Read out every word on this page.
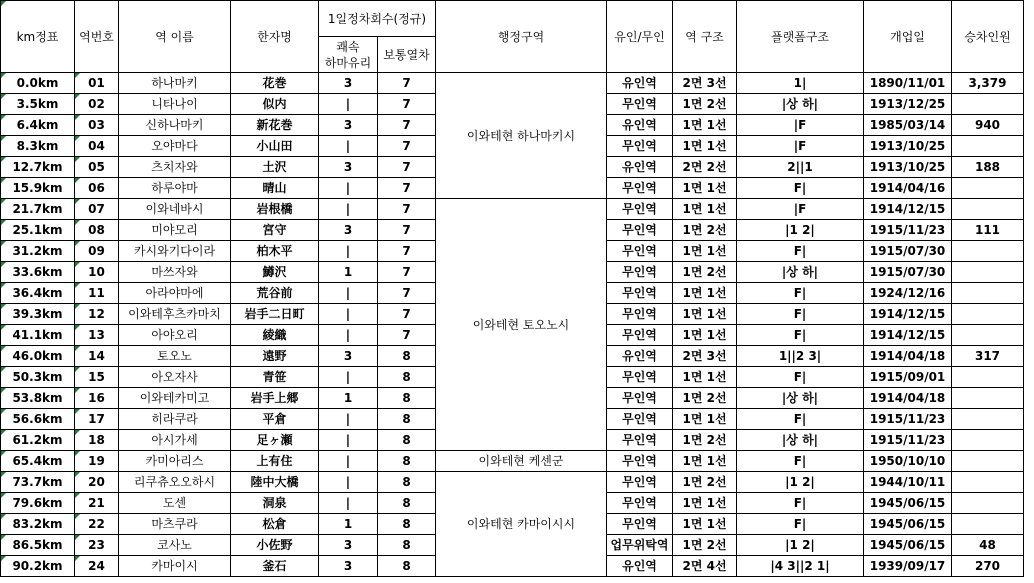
km정표	역번호	역 이름	한자명	1일정차회수(정규)		행정구역	유인/무인	역 구조	플랫폼구조	개업일	승차인원
				쾌속
하마유리	보통열차						
0.0km	01	하나마키	花巻	3	7	이와테현 하나마키시	유인역	2면 3선	1|	1890/11/01	3,379
3.5km	02	니타나이	似内	|	7		무인역	1면 2선	|상 하|	1913/12/25	
6.4km	03	신하나마키	新花巻	3	7		유인역	1면 1선	|F	1985/03/14	940
8.3km	04	오야마다	小山田	|	7		무인역	1면 1선	|F	1913/10/25	
12.7km	05	츠치자와	土沢	3	7		유인역	2면 2선	2||1	1913/10/25	188
15.9km	06	하루야마	晴山	|	7		무인역	1면 1선	F|	1914/04/16	
21.7km	07	이와네바시	岩根橋	|	7	이와테현 토오노시	무인역	1면 1선	|F	1914/12/15	
25.1km	08	미야모리	宮守	3	7		무인역	1면 2선	|1 2|	1915/11/23	111
31.2km	09	카시와기다이라	柏木平	|	7		무인역	1면 1선	F|	1915/07/30	
33.6km	10	마쓰자와	鱒沢	1	7		무인역	1면 2선	|상 하|	1915/07/30	
36.4km	11	아라야마에	荒谷前	|	7		무인역	1면 1선	F|	1924/12/16	
39.3km	12	이와테후츠카마치	岩手二日町	|	7		무인역	1면 1선	F|	1914/12/15	
41.1km	13	아야오리	綾織	|	7		무인역	1면 1선	F|	1914/12/15	
46.0km	14	토오노	遠野	3	8		유인역	2면 3선	1||2 3|	1914/04/18	317
50.3km	15	아오자사	青笹	|	8		무인역	1면 1선	F|	1915/09/01	
53.8km	16	이와테카미고	岩手上郷	1	8		무인역	1면 2선	|상 하|	1914/04/18	
56.6km	17	히라쿠라	平倉	|	8		무인역	1면 1선	F|	1915/11/23	
61.2km	18	아시가세	足ヶ瀬	|	8		무인역	1면 2선	|상 하|	1915/11/23	
65.4km	19	카미아리스	上有住	|	8	이와테현 케센군	무인역	1면 1선	F|	1950/10/10	
73.7km	20	리쿠츄오오하시	陸中大橋	|	8	이와테현 카마이시시	무인역	1면 2선	|1 2|	1944/10/11	
79.6km	21	도센	洞泉	|	8		무인역	1면 1선	F|	1945/06/15	
83.2km	22	마츠쿠라	松倉	1	8		무인역	1면 1선	F|	1945/06/15	
86.5km	23	코사노	小佐野	3	8		업무위탁역	1면 2선	|1 2|	1945/06/15	48
90.2km	24	카마이시	釜石	3	8		유인역	2면 4선	|4 3||2 1|	1939/09/17	270
